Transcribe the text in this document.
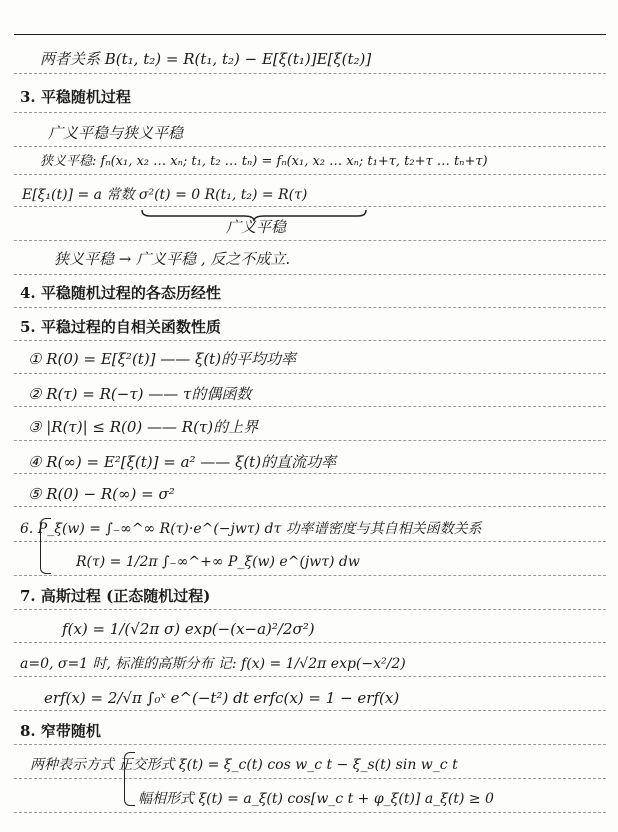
两者关系 B(t₁, t₂) = R(t₁, t₂) − E[ξ(t₁)]E[ξ(t₂)]
3. 平稳随机过程
广义平稳与狭义平稳
狭义平稳: fₙ(x₁, x₂ … xₙ; t₁, t₂ … tₙ) = fₙ(x₁, x₂ … xₙ; t₁+τ, t₂+τ … tₙ+τ)
E[ξ₁(t)] = a 常数 σ²(t) = 0 R(t₁, t₂) = R(τ)
广义平稳
狭义平稳 → 广义平稳 , 反之不成立.
4. 平稳随机过程的各态历经性
5. 平稳过程的自相关函数性质
① R(0) = E[ξ²(t)] —— ξ(t)的平均功率
② R(τ) = R(−τ) —— τ的偶函数
③ |R(τ)| ≤ R(0) —— R(τ)的上界
④ R(∞) = E²[ξ(t)] = a² —— ξ(t)的直流功率
⑤ R(0) − R(∞) = σ²
6. P_ξ(w) = ∫₋∞^∞ R(τ)·e^(−jwτ) dτ 功率谱密度与其自相关函数关系
R(τ) = 1/2π ∫₋∞^+∞ P_ξ(w) e^(jwτ) dw
7. 高斯过程 (正态随机过程)
f(x) = 1/(√2π σ) exp(−(x−a)²/2σ²)
a=0, σ=1 时, 标准的高斯分布 记: f(x) = 1/√2π exp(−x²/2)
erf(x) = 2/√π ∫₀ˣ e^(−t²) dt erfc(x) = 1 − erf(x)
8. 窄带随机
两种表示方式 正交形式 ξ(t) = ξ_c(t) cos w_c t − ξ_s(t) sin w_c t
幅相形式 ξ(t) = a_ξ(t) cos[w_c t + φ_ξ(t)] a_ξ(t) ≥ 0
